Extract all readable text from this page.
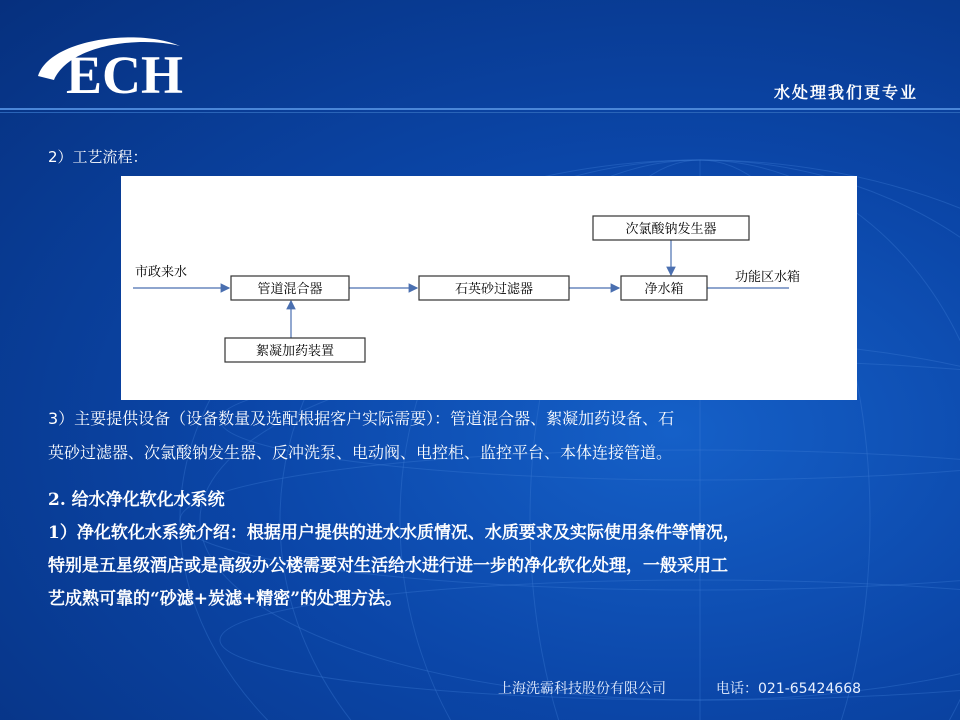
ECH	水处理我们更专业
2）工艺流程：
市政来水	功能区水箱
管道混合器
絮凝加药装置
石英砂过滤器
次氯酸钠发生器
净水箱
3）主要提供设备（设备数量及选配根据客户实际需要）：管道混合器、絮凝加药设备、石
英砂过滤器、次氯酸钠发生器、反冲洗泵、电动阀、电控柜、监控平台、本体连接管道。
2. 给水净化软化水系统
1）净化软化水系统介绍：根据用户提供的进水水质情况、水质要求及实际使用条件等情况，
特别是五星级酒店或是高级办公楼需要对生活给水进行进一步的净化软化处理，一般采用工
艺成熟可靠的“砂滤+炭滤+精密”的处理方法。
上海洗霸科技股份有限公司	电话：021-65424668
